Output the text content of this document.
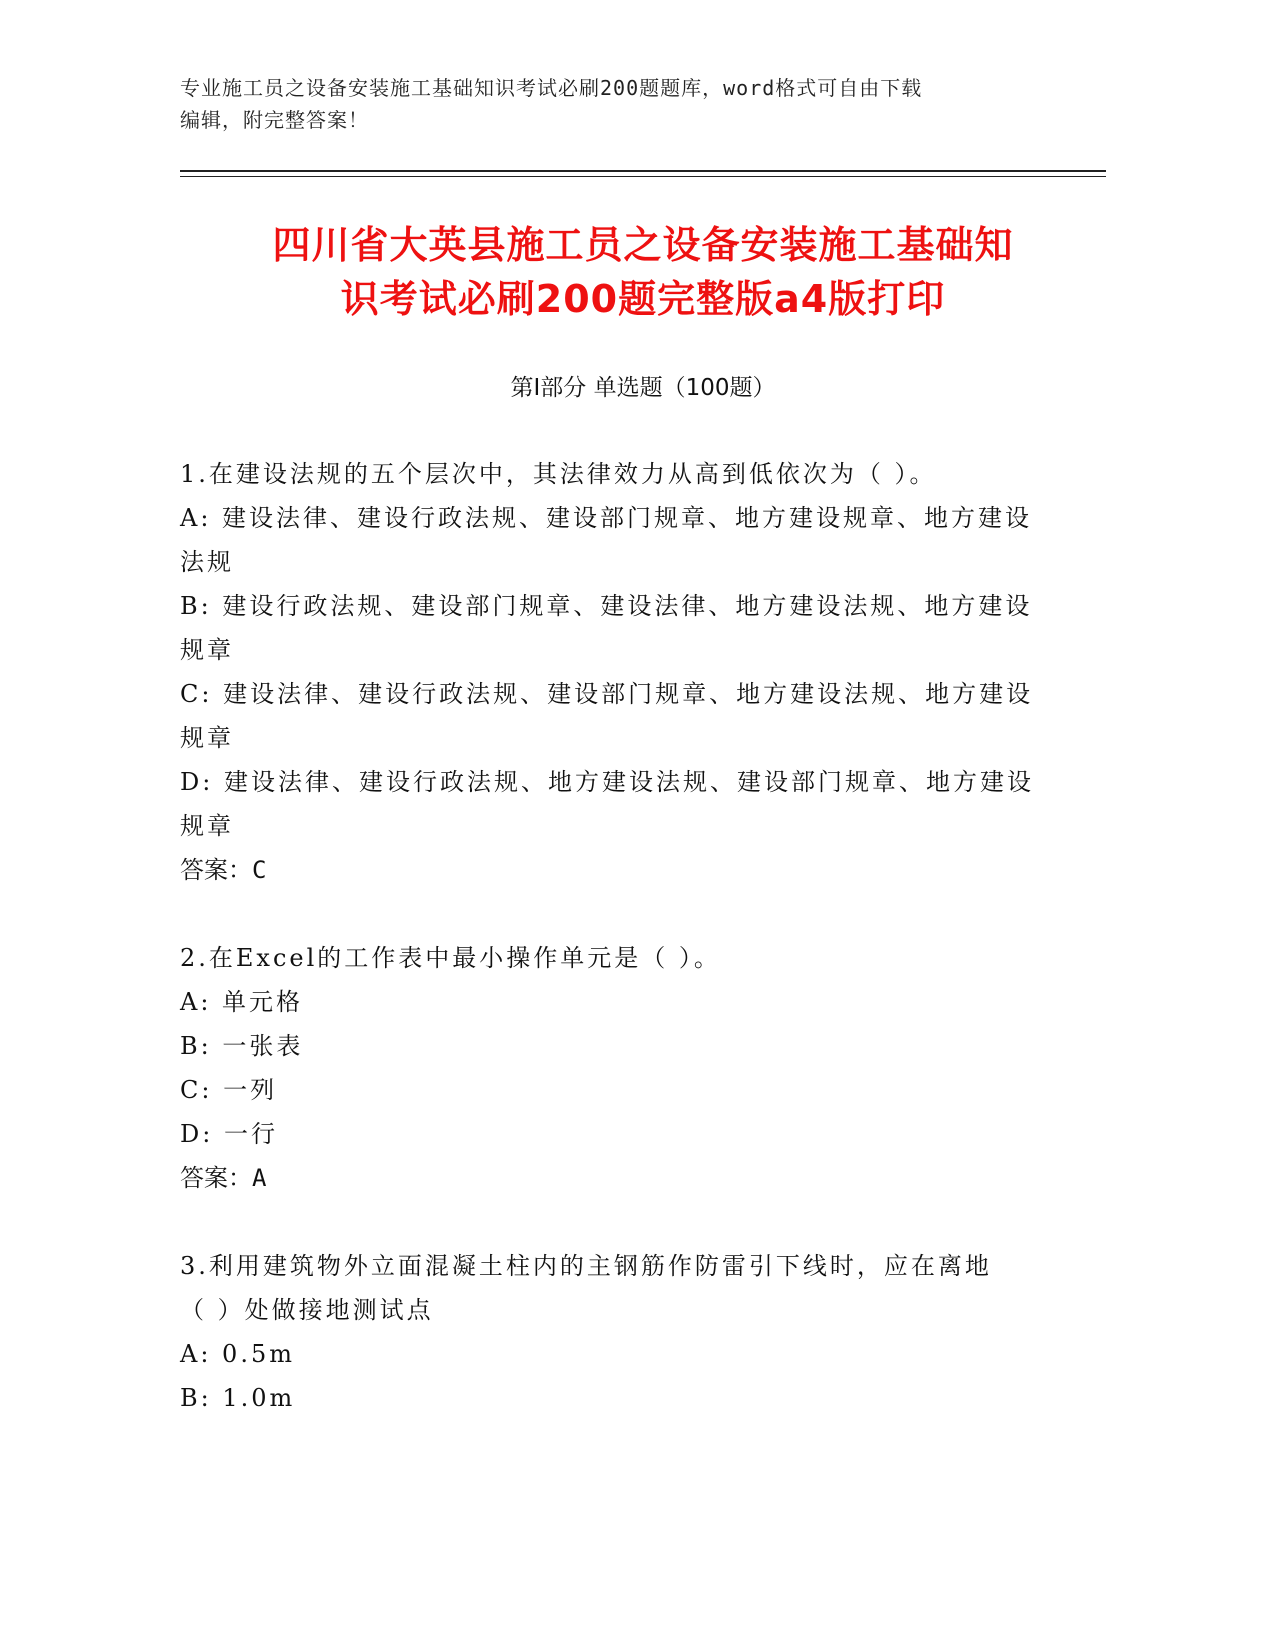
专业施工员之设备安装施工基础知识考试必刷200题题库，word格式可自由下载
编辑，附完整答案！
四川省大英县施工员之设备安装施工基础知
识考试必刷200题完整版a4版打印
第Ⅰ部分 单选题（100题）
1.在建设法规的五个层次中，其法律效力从高到低依次为（ ）。
A: 建设法律、建设行政法规、建设部门规章、地方建设规章、地方建设法规
B: 建设行政法规、建设部门规章、建设法律、地方建设法规、地方建设规章
C: 建设法律、建设行政法规、建设部门规章、地方建设法规、地方建设规章
D: 建设法律、建设行政法规、地方建设法规、建设部门规章、地方建设规章
答案：C
2.在Excel的工作表中最小操作单元是（ ）。
A: 单元格
B: 一张表
C: 一列
D: 一行
答案：A
3.利用建筑物外立面混凝土柱内的主钢筋作防雷引下线时，应在离地
（ ）处做接地测试点
A: 0.5m
B: 1.0m
